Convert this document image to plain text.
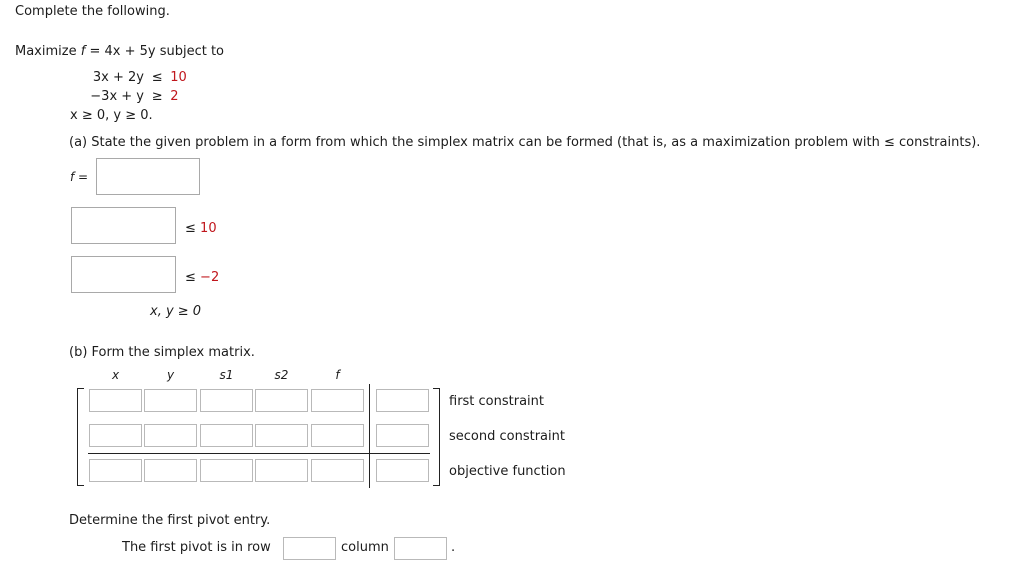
Complete the following.
Maximize f = 4x + 5y subject to
3x + 2y ≤ 10
−3x + y ≥ 2
x ≥ 0, y ≥ 0.
(a) State the given problem in a form from which the simplex matrix can be formed (that is, as a maximization problem with ≤ constraints).
f =
≤ 10
≤ −2
x, y ≥ 0
(b) Form the simplex matrix.
x	y	s1	s2	f
first constraint
second constraint
objective function
Determine the first pivot entry.
The first pivot is in row	column	.
